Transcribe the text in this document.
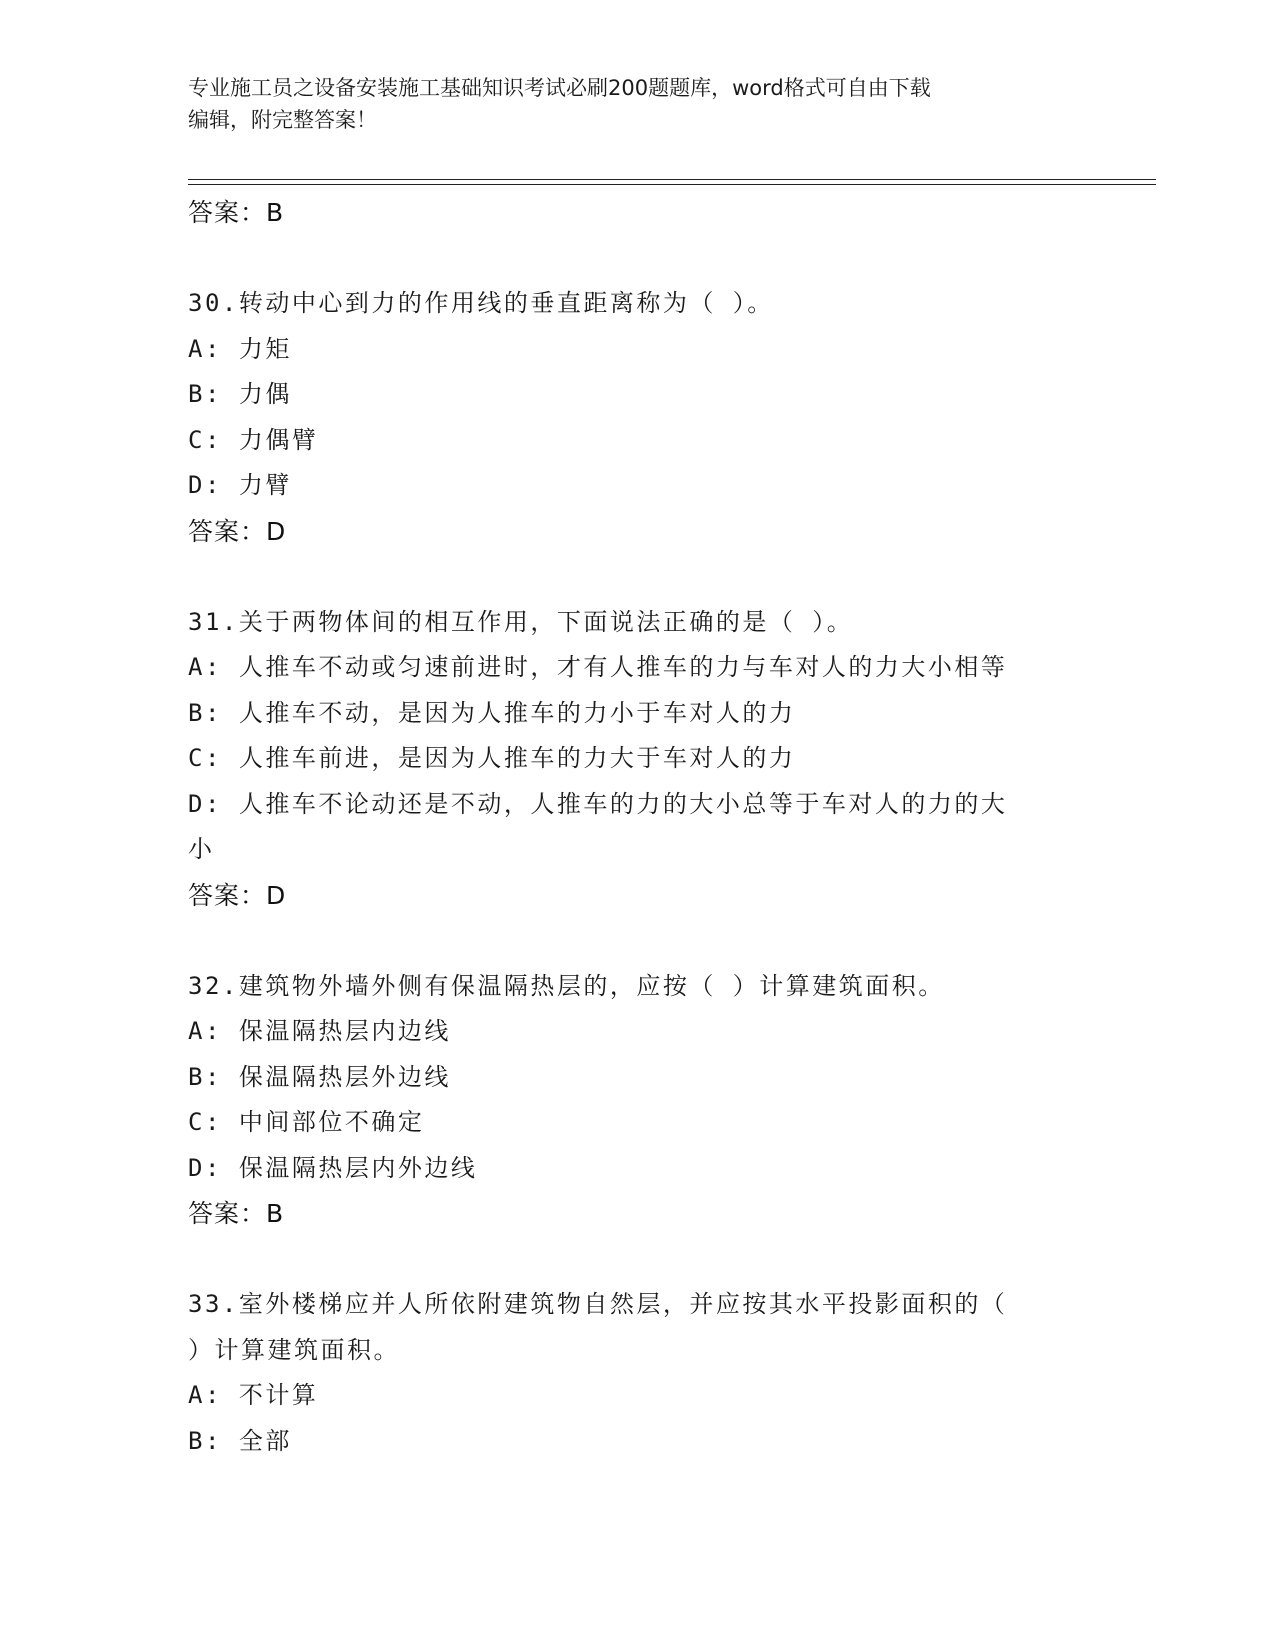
专业施工员之设备安装施工基础知识考试必刷200题题库，word格式可自由下载
编辑，附完整答案！
答案：B
30.转动中心到力的作用线的垂直距离称为（ ）。
A: 力矩
B: 力偶
C: 力偶臂
D: 力臂
答案：D
31.关于两物体间的相互作用，下面说法正确的是（ ）。
A: 人推车不动或匀速前进时，才有人推车的力与车对人的力大小相等
B: 人推车不动，是因为人推车的力小于车对人的力
C: 人推车前进，是因为人推车的力大于车对人的力
D: 人推车不论动还是不动，人推车的力的大小总等于车对人的力的大
小
答案：D
32.建筑物外墙外侧有保温隔热层的，应按（ ）计算建筑面积。
A: 保温隔热层内边线
B: 保温隔热层外边线
C: 中间部位不确定
D: 保温隔热层内外边线
答案：B
33.室外楼梯应并人所依附建筑物自然层，并应按其水平投影面积的（
）计算建筑面积。
A: 不计算
B: 全部
